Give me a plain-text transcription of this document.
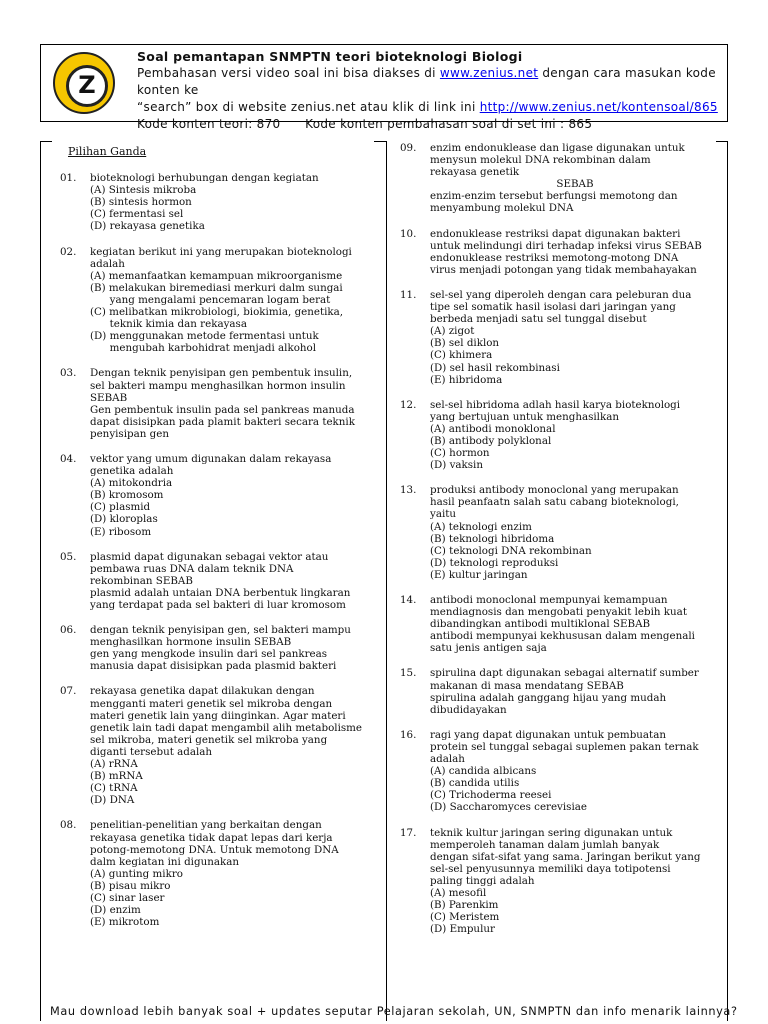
Z
Soal pemantapan SNMPTN teori bioteknologi Biologi
Pembahasan versi video soal ini bisa diakses di www.zenius.net dengan cara masukan kode konten ke
“search” box di website zenius.net atau klik di link ini http://www.zenius.net/kontensoal/865
Kode konten teori: 870      Kode konten pembahasan soal di set ini : 865
Pilihan Ganda
01. bioteknologi berhubungan dengan kegiatan
(A) Sintesis mikroba
(B) sintesis hormon
(C) fermentasi sel
(D) rekayasa genetika
02. kegiatan berikut ini yang merupakan bioteknologi
adalah
(A) memanfaatkan kemampuan mikroorganisme
(B) melakukan biremediasi merkuri dalm sungai
yang mengalami pencemaran logam berat
(C) melibatkan mikrobiologi, biokimia, genetika,
teknik kimia dan rekayasa
(D) menggunakan metode fermentasi untuk
mengubah karbohidrat menjadi alkohol
03. Dengan teknik penyisipan gen pembentuk insulin,
sel bakteri mampu menghasilkan hormon insulin
SEBAB
Gen pembentuk insulin pada sel pankreas manuda
dapat disisipkan pada plamit bakteri secara teknik
penyisipan gen
04. vektor yang umum digunakan dalam rekayasa
genetika adalah
(A) mitokondria
(B) kromosom
(C) plasmid
(D) kloroplas
(E) ribosom
05. plasmid dapat digunakan sebagai vektor atau
pembawa ruas DNA dalam teknik DNA
rekombinan SEBAB
plasmid adalah untaian DNA berbentuk lingkaran
yang terdapat pada sel bakteri di luar kromosom
06. dengan teknik penyisipan gen, sel bakteri mampu
menghasilkan hormone insulin SEBAB
gen yang mengkode insulin dari sel pankreas
manusia dapat disisipkan pada plasmid bakteri
07. rekayasa genetika dapat dilakukan dengan
mengganti materi genetik sel mikroba dengan
materi genetik lain yang diinginkan. Agar materi
genetik lain tadi dapat mengambil alih metabolisme
sel mikroba, materi genetik sel mikroba yang
diganti tersebut adalah
(A) rRNA
(B) mRNA
(C) tRNA
(D) DNA
08. penelitian-penelitian yang berkaitan dengan
rekayasa genetika tidak dapat lepas dari kerja
potong-memotong DNA. Untuk memotong DNA
dalm kegiatan ini digunakan
(A) gunting mikro
(B) pisau mikro
(C) sinar laser
(D) enzim
(E) mikrotom
09. enzim endonuklease dan ligase digunakan untuk
menysun molekul DNA rekombinan dalam
rekayasa genetik
SEBAB
enzim-enzim tersebut berfungsi memotong dan
menyambung molekul DNA
10. endonuklease restriksi dapat digunakan bakteri
untuk melindungi diri terhadap infeksi virus SEBAB
endonuklease restriksi memotong-motong DNA
virus menjadi potongan yang tidak membahayakan
11. sel-sel yang diperoleh dengan cara peleburan dua
tipe sel somatik hasil isolasi dari jaringan yang
berbeda menjadi satu sel tunggal disebut
(A) zigot
(B) sel diklon
(C) khimera
(D) sel hasil rekombinasi
(E) hibridoma
12. sel-sel hibridoma adlah hasil karya bioteknologi
yang bertujuan untuk menghasilkan
(A) antibodi monoklonal
(B) antibody polyklonal
(C) hormon
(D) vaksin
13. produksi antibody monoclonal yang merupakan
hasil peanfaatn salah satu cabang bioteknologi,
yaitu
(A) teknologi enzim
(B) teknologi hibridoma
(C) teknologi DNA rekombinan
(D) teknologi reproduksi
(E) kultur jaringan
14. antibodi monoclonal mempunyai kemampuan
mendiagnosis dan mengobati penyakit lebih kuat
dibandingkan antibodi multiklonal SEBAB
antibodi mempunyai kekhususan dalam mengenali
satu jenis antigen saja
15. spirulina dapt digunakan sebagai alternatif sumber
makanan di masa mendatang SEBAB
spirulina adalah ganggang hijau yang mudah
dibudidayakan
16. ragi yang dapat digunakan untuk pembuatan
protein sel tunggal sebagai suplemen pakan ternak
adalah
(A) candida albicans
(B) candida utilis
(C) Trichoderma reesei
(D) Saccharomyces cerevisiae
17. teknik kultur jaringan sering digunakan untuk
memperoleh tanaman dalam jumlah banyak
dengan sifat-sifat yang sama. Jaringan berikut yang
sel-sel penyusunnya memiliki daya totipotensi
paling tinggi adalah
(A) mesofil
(B) Parenkim
(C) Meristem
(D) Empulur
Mau download lebih banyak soal + updates seputar Pelajaran sekolah, UN, SNMPTN dan info menarik lainnya?
